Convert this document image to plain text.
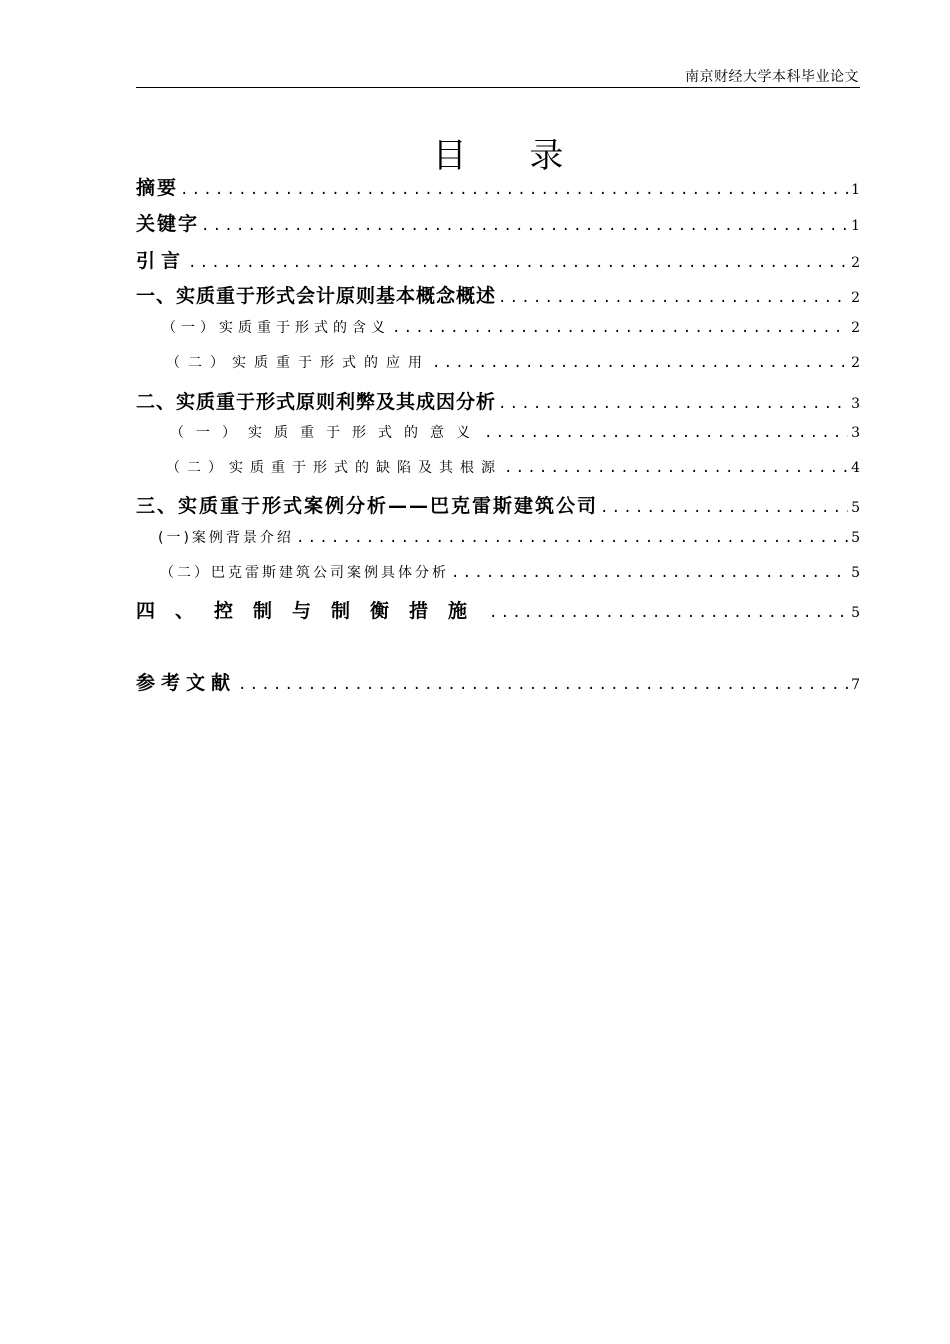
南京财经大学本科毕业论文
目 录
摘要 .....	1
关键字 .....	1
引言 .....	2
一、实质重于形式会计原则基本概念概述 .....	2
（一）实质重于形式的含义 .....	2
（二）实质重于形式的应用 .....	2
二、实质重于形式原则利弊及其成因分析 .....	3
（一）实质重于形式的意义 .....	3
（二）实质重于形式的缺陷及其根源 .....	4
三、实质重于形式案例分析——巴克雷斯建筑公司 .....	5
(一)案例背景介绍 .....	5
（二）巴克雷斯建筑公司案例具体分析 .....	5
四、控制与制衡措施 .....	5
参考文献 .....	7
